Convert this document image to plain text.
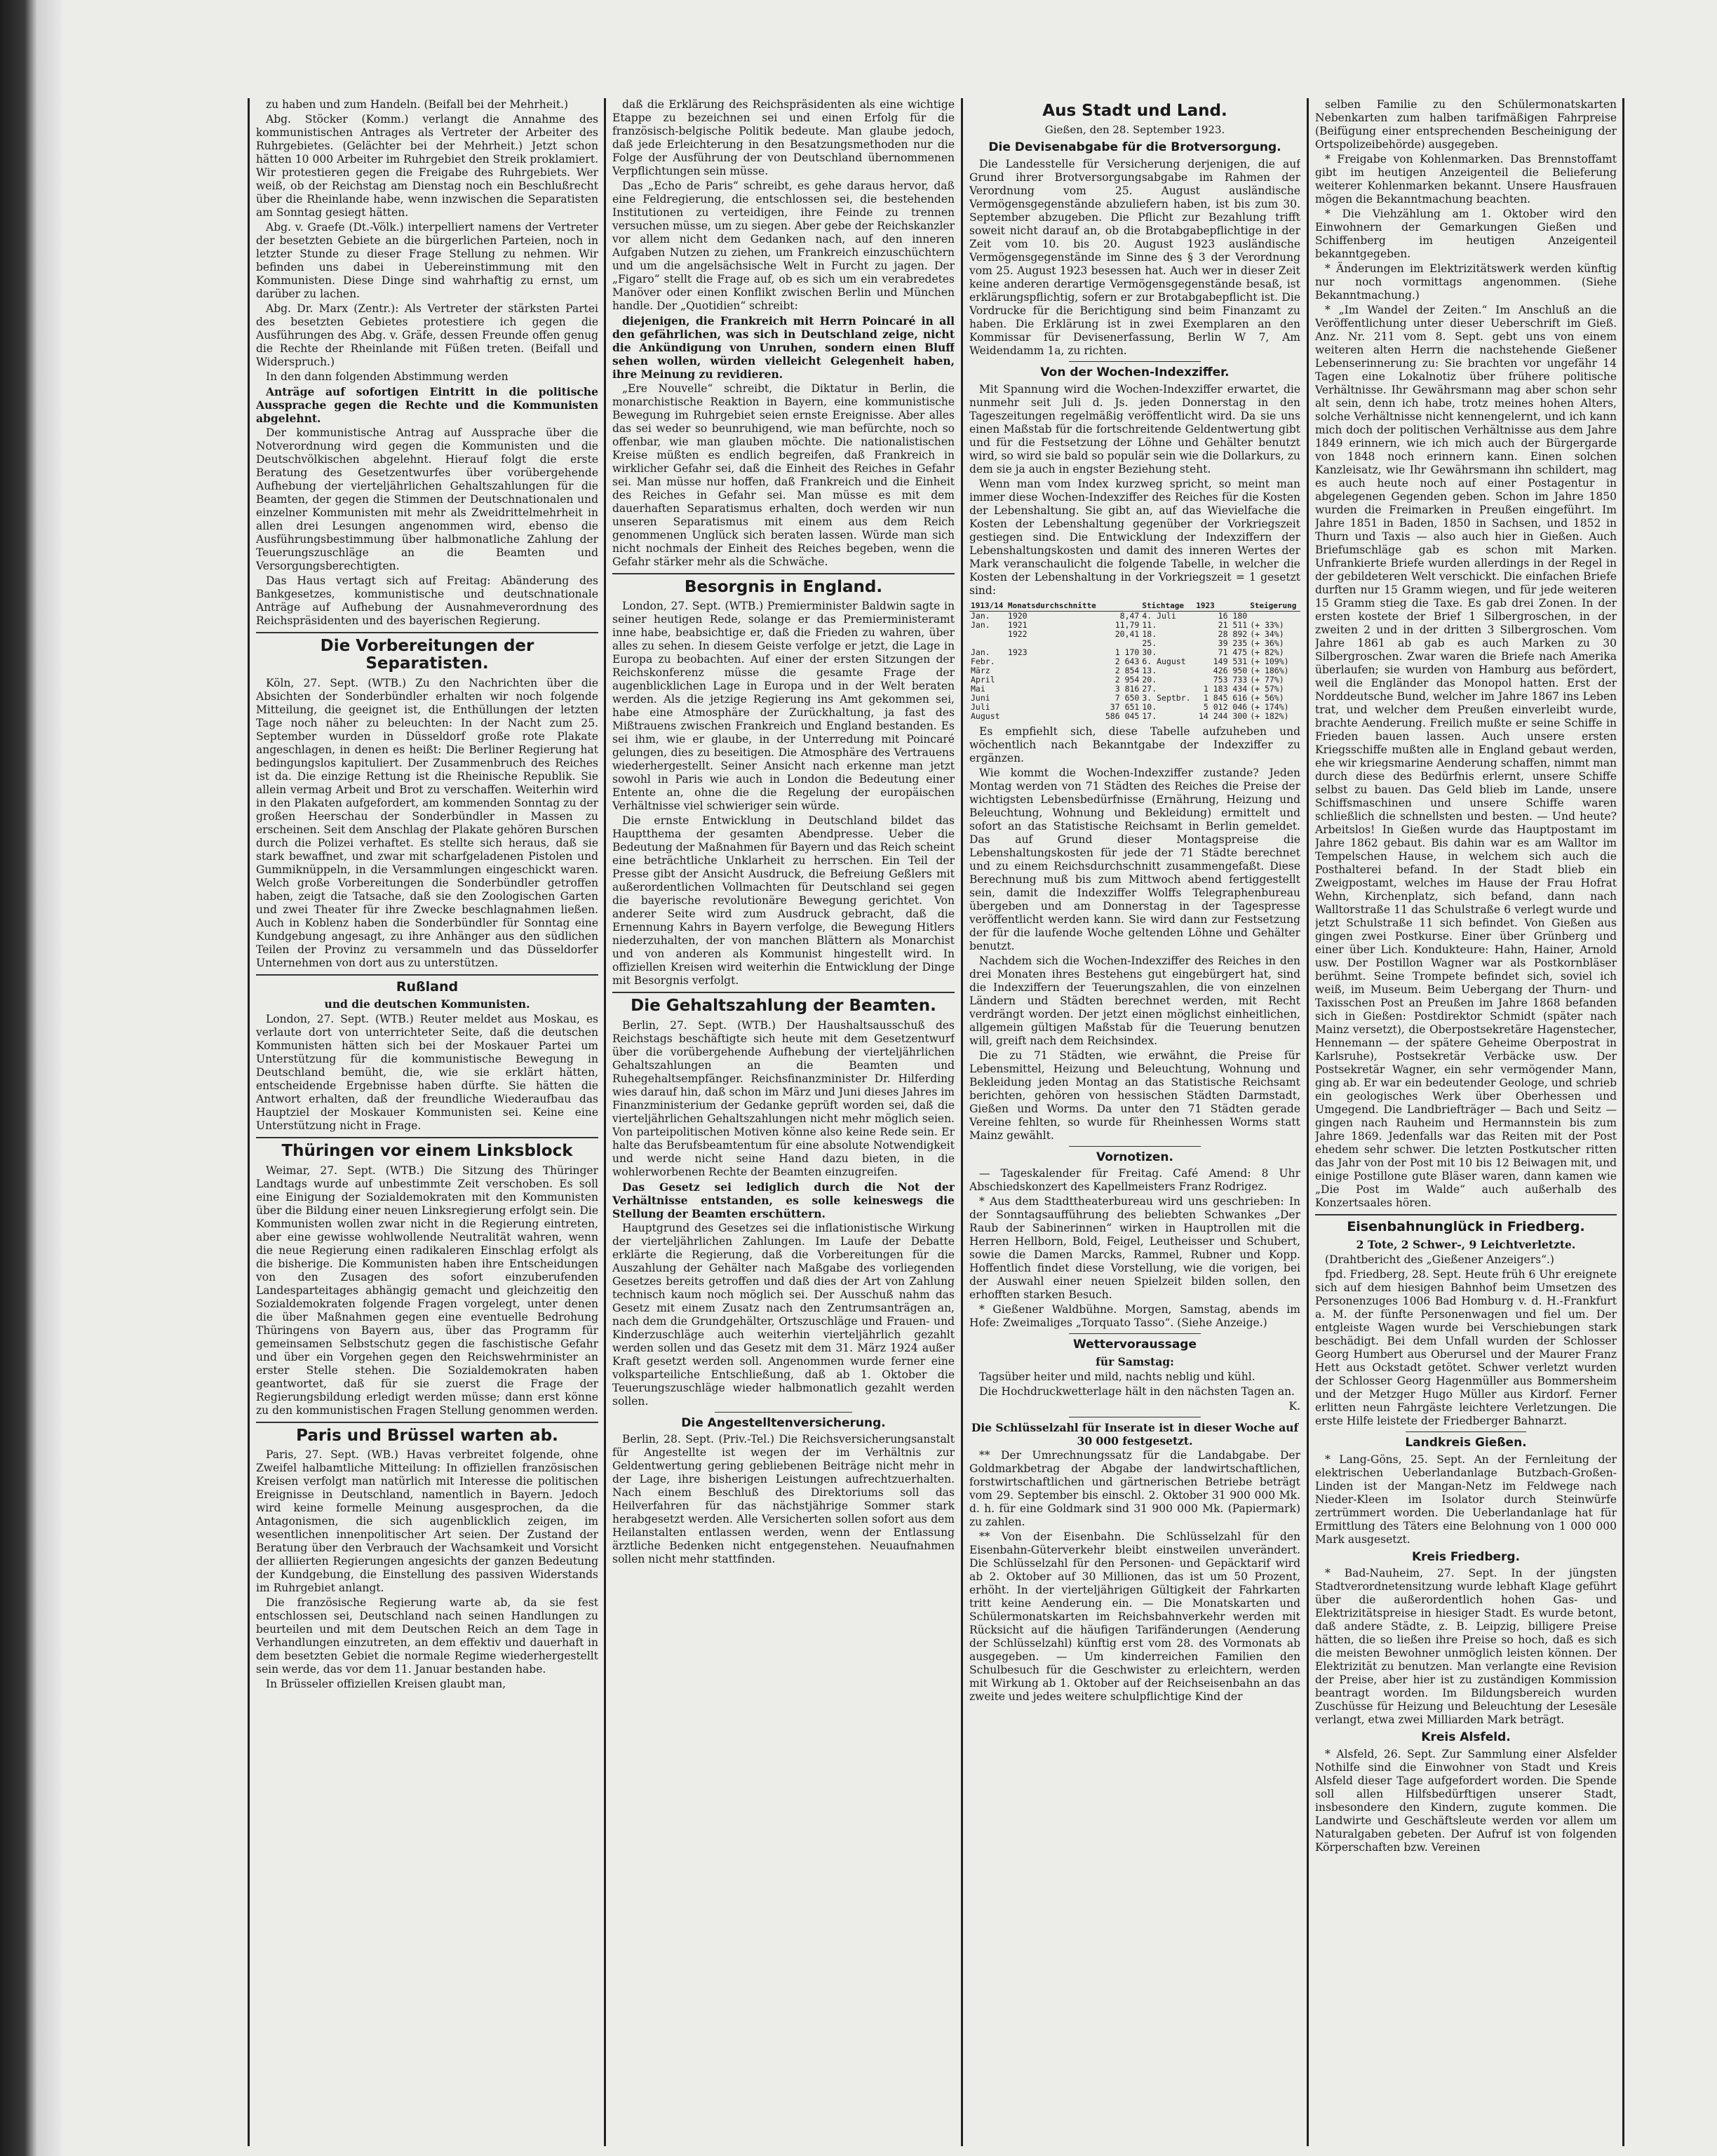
zu haben und zum Handeln. (Beifall bei der Mehrheit.)

Abg. Stöcker (Komm.) verlangt die Annahme des kommunistischen Antrages als Vertreter der Arbeiter des Ruhrgebietes. (Gelächter bei der Mehrheit.) Jetzt schon hätten 10 000 Arbeiter im Ruhrgebiet den Streik proklamiert. Wir protestieren gegen die Freigabe des Ruhrgebiets. Wer weiß, ob der Reichstag am Dienstag noch ein Beschlußrecht über die Rheinlande habe, wenn inzwischen die Separatisten am Sonntag gesiegt hätten.

Abg. v. Graefe (Dt.-Völk.) interpelliert namens der Vertreter der besetzten Gebiete an die bürgerlichen Parteien, noch in letzter Stunde zu dieser Frage Stellung zu nehmen. Wir befinden uns dabei in Uebereinstimmung mit den Kommunisten. Diese Dinge sind wahrhaftig zu ernst, um darüber zu lachen.

Abg. Dr. Marx (Zentr.): Als Vertreter der stärksten Partei des besetzten Gebietes protestiere ich gegen die Ausführungen des Abg. v. Gräfe, dessen Freunde offen genug die Rechte der Rheinlande mit Füßen treten. (Beifall und Widerspruch.)

In den dann folgenden Abstimmung werden

Anträge auf sofortigen Eintritt in die politische Aussprache gegen die Rechte und die Kommunisten abgelehnt.

Der kommunistische Antrag auf Aussprache über die Notverordnung wird gegen die Kommunisten und die Deutschvölkischen abgelehnt. Hierauf folgt die erste Beratung des Gesetzentwurfes über vorübergehende Aufhebung der vierteljährlichen Gehaltszahlungen für die Beamten, der gegen die Stimmen der Deutschnationalen und einzelner Kommunisten mit mehr als Zweidrittelmehrheit in allen drei Lesungen angenommen wird, ebenso die Ausführungsbestimmung über halbmonatliche Zahlung der Teuerungszuschläge an die Beamten und Versorgungsberechtigten.

Das Haus vertagt sich auf Freitag: Abänderung des Bankgesetzes, kommunistische und deutschnationale Anträge auf Aufhebung der Ausnahmeverordnung des Reichspräsidenten und des bayerischen Regierung.

Die Vorbereitungen der Separatisten.

Köln, 27. Sept. (WTB.) Zu den Nachrichten über die Absichten der Sonderbündler erhalten wir noch folgende Mitteilung, die geeignet ist, die Enthüllungen der letzten Tage noch näher zu beleuchten: In der Nacht zum 25. September wurden in Düsseldorf große rote Plakate angeschlagen, in denen es heißt: Die Berliner Regierung hat bedingungslos kapituliert. Der Zusammenbruch des Reiches ist da. Die einzige Rettung ist die Rheinische Republik. Sie allein vermag Arbeit und Brot zu verschaffen. Weiterhin wird in den Plakaten aufgefordert, am kommenden Sonntag zu der großen Heerschau der Sonderbündler in Massen zu erscheinen. Seit dem Anschlag der Plakate gehören Burschen durch die Polizei verhaftet. Es stellte sich heraus, daß sie stark bewaffnet, und zwar mit scharfgeladenen Pistolen und Gummiknüppeln, in die Versammlungen eingeschickt waren. Welch große Vorbereitungen die Sonderbündler getroffen haben, zeigt die Tatsache, daß sie den Zoologischen Garten und zwei Theater für ihre Zwecke beschlagnahmen ließen. Auch in Koblenz haben die Sonderbündler für Sonntag eine Kundgebung angesagt, zu ihre Anhänger aus den südlichen Teilen der Provinz zu versammeln und das Düsseldorfer Unternehmen von dort aus zu unterstützen.

Rußland
und die deutschen Kommunisten.

London, 27. Sept. (WTB.) Reuter meldet aus Moskau, es verlaute dort von unterrichteter Seite, daß die deutschen Kommunisten hätten sich bei der Moskauer Partei um Unterstützung für die kommunistische Bewegung in Deutschland bemüht, die, wie sie erklärt hätten, entscheidende Ergebnisse haben dürfte. Sie hätten die Antwort erhalten, daß der freundliche Wiederaufbau das Hauptziel der Moskauer Kommunisten sei. Keine eine Unterstützung nicht in Frage.

Thüringen vor einem Linksblock

Weimar, 27. Sept. (WTB.) Die Sitzung des Thüringer Landtags wurde auf unbestimmte Zeit verschoben. Es soll eine Einigung der Sozialdemokraten mit den Kommunisten über die Bildung einer neuen Linksregierung erfolgt sein. Die Kommunisten wollen zwar nicht in die Regierung eintreten, aber eine gewisse wohlwollende Neutralität wahren, wenn die neue Regierung einen radikaleren Einschlag erfolgt als die bisherige. Die Kommunisten haben ihre Entscheidungen von den Zusagen des sofort einzuberufenden Landesparteitages abhängig gemacht und gleichzeitig den Sozialdemokraten folgende Fragen vorgelegt, unter denen die über Maßnahmen gegen eine eventuelle Bedrohung Thüringens von Bayern aus, über das Programm für gemeinsamen Selbstschutz gegen die faschistische Gefahr und über ein Vorgehen gegen den Reichswehrminister an erster Stelle stehen. Die Sozialdemokraten haben geantwortet, daß für sie zuerst die Frage der Regierungsbildung erledigt werden müsse; dann erst könne zu den kommunistischen Fragen Stellung genommen werden.

Paris und Brüssel warten ab.

Paris, 27. Sept. (WB.) Havas verbreitet folgende, ohne Zweifel halbamtliche Mitteilung: In offiziellen französischen Kreisen verfolgt man natürlich mit Interesse die politischen Ereignisse in Deutschland, namentlich in Bayern. Jedoch wird keine formelle Meinung ausgesprochen, da die Antagonismen, die sich augenblicklich zeigen, im wesentlichen innenpolitischer Art seien. Der Zustand der Beratung über den Verbrauch der Wachsamkeit und Vorsicht der alliierten Regierungen angesichts der ganzen Bedeutung der Kundgebung, die Einstellung des passiven Widerstands im Ruhrgebiet anlangt.

Die französische Regierung warte ab, da sie fest entschlossen sei, Deutschland nach seinen Handlungen zu beurteilen und mit dem Deutschen Reich an dem Tage in Verhandlungen einzutreten, an dem effektiv und dauerhaft in dem besetzten Gebiet die normale Regime wiederhergestellt sein werde, das vor dem 11. Januar bestanden habe.

In Brüsseler offiziellen Kreisen glaubt man,

daß die Erklärung des Reichspräsidenten als eine wichtige Etappe zu bezeichnen sei und einen Erfolg für die französisch-belgische Politik bedeute. Man glaube jedoch, daß jede Erleichterung in den Besatzungsmethoden nur die Folge der Ausführung der von Deutschland übernommenen Verpflichtungen sein müsse.

Das „Echo de Paris“ schreibt, es gehe daraus hervor, daß eine Feldregierung, die entschlossen sei, die bestehenden Institutionen zu verteidigen, ihre Feinde zu trennen versuchen müsse, um zu siegen. Aber gebe der Reichskanzler vor allem nicht dem Gedanken nach, auf den inneren Aufgaben Nutzen zu ziehen, um Frankreich einzuschüchtern und um die angelsächsische Welt in Furcht zu jagen. Der „Figaro“ stellt die Frage auf, ob es sich um ein verabredetes Manöver oder einen Konflikt zwischen Berlin und München handle. Der „Quotidien“ schreibt:

diejenigen, die Frankreich mit Herrn Poincaré in all den gefährlichen, was sich in Deutschland zeige, nicht die Ankündigung von Unruhen, sondern einen Bluff sehen wollen, würden vielleicht Gelegenheit haben, ihre Meinung zu revidieren.

„Ere Nouvelle“ schreibt, die Diktatur in Berlin, die monarchistische Reaktion in Bayern, eine kommunistische Bewegung im Ruhrgebiet seien ernste Ereignisse. Aber alles das sei weder so beunruhigend, wie man befürchte, noch so offenbar, wie man glauben möchte. Die nationalistischen Kreise müßten es endlich begreifen, daß Frankreich in wirklicher Gefahr sei, daß die Einheit des Reiches in Gefahr sei. Man müsse nur hoffen, daß Frankreich und die Einheit des Reiches in Gefahr sei. Man müsse es mit dem dauerhaften Separatismus erhalten, doch werden wir nun unseren Separatismus mit einem aus dem Reich genommenen Unglück sich beraten lassen. Würde man sich nicht nochmals der Einheit des Reiches begeben, wenn die Gefahr stärker mehr als die Schwäche.

Besorgnis in England.

London, 27. Sept. (WTB.) Premierminister Baldwin sagte in seiner heutigen Rede, solange er das Premierministeramt inne habe, beabsichtige er, daß die Frieden zu wahren, über alles zu sehen. In diesem Geiste verfolge er jetzt, die Lage in Europa zu beobachten. Auf einer der ersten Sitzungen der Reichskonferenz müsse die gesamte Frage der augenblicklichen Lage in Europa und in der Welt beraten werden. Als die jetzige Regierung ins Amt gekommen sei, habe eine Atmosphäre der Zurückhaltung, ja fast des Mißtrauens zwischen Frankreich und England bestanden. Es sei ihm, wie er glaube, in der Unterredung mit Poincaré gelungen, dies zu beseitigen. Die Atmosphäre des Vertrauens wiederhergestellt. Seiner Ansicht nach erkenne man jetzt sowohl in Paris wie auch in London die Bedeutung einer Entente an, ohne die die Regelung der europäischen Verhältnisse viel schwieriger sein würde.

Die ernste Entwicklung in Deutschland bildet das Hauptthema der gesamten Abendpresse. Ueber die Bedeutung der Maßnahmen für Bayern und das Reich scheint eine beträchtliche Unklarheit zu herrschen. Ein Teil der Presse gibt der Ansicht Ausdruck, die Befreiung Geßlers mit außerordentlichen Vollmachten für Deutschland sei gegen die bayerische revolutionäre Bewegung gerichtet. Von anderer Seite wird zum Ausdruck gebracht, daß die Ernennung Kahrs in Bayern verfolge, die Bewegung Hitlers niederzuhalten, der von manchen Blättern als Monarchist und von anderen als Kommunist hingestellt wird. In offiziellen Kreisen wird weiterhin die Entwicklung der Dinge mit Besorgnis verfolgt.

Die Gehaltszahlung der Beamten.

Berlin, 27. Sept. (WTB.) Der Haushaltsausschuß des Reichstags beschäftigte sich heute mit dem Gesetzentwurf über die vorübergehende Aufhebung der vierteljährlichen Gehaltszahlungen an die Beamten und Ruhegehaltsempfänger. Reichsfinanzminister Dr. Hilferding wies darauf hin, daß schon im März und Juni dieses Jahres im Finanzministerium der Gedanke geprüft worden sei, daß die vierteljährlichen Gehaltszahlungen nicht mehr möglich seien. Von parteipolitischen Motiven könne also keine Rede sein. Er halte das Berufsbeamtentum für eine absolute Notwendigkeit und werde nicht seine Hand dazu bieten, in die wohlerworbenen Rechte der Beamten einzugreifen.

Das Gesetz sei lediglich durch die Not der Verhältnisse entstanden, es solle keineswegs die Stellung der Beamten erschüttern.

Hauptgrund des Gesetzes sei die inflationistische Wirkung der vierteljährlichen Zahlungen. Im Laufe der Debatte erklärte die Regierung, daß die Vorbereitungen für die Auszahlung der Gehälter nach Maßgabe des vorliegenden Gesetzes bereits getroffen und daß dies der Art von Zahlung technisch kaum noch möglich sei. Der Ausschuß nahm das Gesetz mit einem Zusatz nach den Zentrumsanträgen an, nach dem die Grundgehälter, Ortszuschläge und Frauen- und Kinderzuschläge auch weiterhin vierteljährlich gezahlt werden sollen und das Gesetz mit dem 31. März 1924 außer Kraft gesetzt werden soll. Angenommen wurde ferner eine volksparteiliche Entschließung, daß ab 1. Oktober die Teuerungszuschläge wieder halbmonatlich gezahlt werden sollen.

Die Angestelltenversicherung.

Berlin, 28. Sept. (Priv.-Tel.) Die Reichsversicherungsanstalt für Angestellte ist wegen der im Verhältnis zur Geldentwertung gering gebliebenen Beiträge nicht mehr in der Lage, ihre bisherigen Leistungen aufrechtzuerhalten. Nach einem Beschluß des Direktoriums soll das Heilverfahren für das nächstjährige Sommer stark herabgesetzt werden. Alle Versicherten sollen sofort aus dem Heilanstalten entlassen werden, wenn der Entlassung ärztliche Bedenken nicht entgegenstehen. Neuaufnahmen sollen nicht mehr stattfinden.

Aus Stadt und Land.
Gießen, den 28. September 1923.
Die Devisenabgabe für die Brotversorgung.

Die Landesstelle für Versicherung derjenigen, die auf Grund ihrer Brotversorgungsabgabe im Rahmen der Verordnung vom 25. August ausländische Vermögensgegenstände abzuliefern haben, ist bis zum 30. September abzugeben. Die Pflicht zur Bezahlung trifft soweit nicht darauf an, ob die Brotabgabepflichtige in der Zeit vom 10. bis 20. August 1923 ausländische Vermögensgegenstände im Sinne des § 3 der Verordnung vom 25. August 1923 besessen hat. Auch wer in dieser Zeit keine anderen derartige Vermögensgegenstände besaß, ist erklärungspflichtig, sofern er zur Brotabgabepflicht ist. Die Vordrucke für die Berichtigung sind beim Finanzamt zu haben. Die Erklärung ist in zwei Exemplaren an den Kommissar für Devisenerfassung, Berlin W 7, Am Weidendamm 1a, zu richten.

Von der Wochen-Indexziffer.

Mit Spannung wird die Wochen-Indexziffer erwartet, die nunmehr seit Juli d. Js. jeden Donnerstag in den Tageszeitungen regelmäßig veröffentlicht wird. Da sie uns einen Maßstab für die fortschreitende Geldentwertung gibt und für die Festsetzung der Löhne und Gehälter benutzt wird, so wird sie bald so populär sein wie die Dollarkurs, zu dem sie ja auch in engster Beziehung steht.

Wenn man vom Index kurzweg spricht, so meint man immer diese Wochen-Indexziffer des Reiches für die Kosten der Lebenshaltung. Sie gibt an, auf das Wievielfache die Kosten der Lebenshaltung gegenüber der Vorkriegszeit gestiegen sind. Die Entwicklung der Indexziffern der Lebenshaltungskosten und damit des inneren Wertes der Mark veranschaulicht die folgende Tabelle, in welcher die Kosten der Lebenshaltung in der Vorkriegszeit = 1 gesetzt sind:

1913/14	Monatsdurchschnitte		Stichtage	1923	Steigerung
Jan.	1920	8,47	4. Juli	16 180	
Jan.	1921	11,79	11.	21 511	(+ 33%)
	1922	20,41	18.	28 892	(+ 34%)
			25.	39 235	(+ 36%)
Jan.	1923	1 170	30.	71 475	(+ 82%)
Febr.		2 643	6. August	149 531	(+ 109%)
März		2 854	13.	426 950	(+ 186%)
April		2 954	20.	753 733	(+ 77%)
Mai		3 816	27.	1 183 434	(+ 57%)
Juni		7 650	3. Septbr.	1 845 616	(+ 56%)
Juli		37 651	10.	5 012 046	(+ 174%)
August		586 045	17.	14 244 300	(+ 182%)

Es empfiehlt sich, diese Tabelle aufzuheben und wöchentlich nach Bekanntgabe der Indexziffer zu ergänzen.

Wie kommt die Wochen-Indexziffer zustande? Jeden Montag werden von 71 Städten des Reiches die Preise der wichtigsten Lebensbedürfnisse (Ernährung, Heizung und Beleuchtung, Wohnung und Bekleidung) ermittelt und sofort an das Statistische Reichsamt in Berlin gemeldet. Das auf Grund dieser Montagspreise die Lebenshaltungskosten für jede der 71 Städte berechnet und zu einem Reichsdurchschnitt zusammengefaßt. Diese Berechnung muß bis zum Mittwoch abend fertiggestellt sein, damit die Indexziffer Wolffs Telegraphenbureau übergeben und am Donnerstag in der Tagespresse veröffentlicht werden kann. Sie wird dann zur Festsetzung der für die laufende Woche geltenden Löhne und Gehälter benutzt.

Nachdem sich die Wochen-Indexziffer des Reiches in den drei Monaten ihres Bestehens gut eingebürgert hat, sind die Indexziffern der Teuerungszahlen, die von einzelnen Ländern und Städten berechnet werden, mit Recht verdrängt worden. Der jetzt einen möglichst einheitlichen, allgemein gültigen Maßstab für die Teuerung benutzen will, greift nach dem Reichsindex.

Die zu 71 Städten, wie erwähnt, die Preise für Lebensmittel, Heizung und Beleuchtung, Wohnung und Bekleidung jeden Montag an das Statistische Reichsamt berichten, gehören von hessischen Städten Darmstadt, Gießen und Worms. Da unter den 71 Städten gerade Vereine fehlten, so wurde für Rheinhessen Worms statt Mainz gewählt.

Vornotizen.

— Tageskalender für Freitag. Café Amend: 8 Uhr Abschiedskonzert des Kapellmeisters Franz Rodrigez.

* Aus dem Stadttheaterbureau wird uns geschrieben: In der Sonntagsaufführung des beliebten Schwankes „Der Raub der Sabinerinnen“ wirken in Hauptrollen mit die Herren Hellborn, Bold, Feigel, Leutheisser und Schubert, sowie die Damen Marcks, Rammel, Rubner und Kopp. Hoffentlich findet diese Vorstellung, wie die vorigen, bei der Auswahl einer neuen Spielzeit bilden sollen, den erhofften starken Besuch.

* Gießener Waldbühne. Morgen, Samstag, abends im Hofe: Zweimaliges „Torquato Tasso“. (Siehe Anzeige.)

Wettervoraussage
für Samstag:

Tagsüber heiter und mild, nachts neblig und kühl.

Die Hochdruckwetterlage hält in den nächsten Tagen an.

K.

Die Schlüsselzahl für Inserate ist in dieser Woche auf 30 000 festgesetzt.

** Der Umrechnungssatz für die Landabgabe. Der Goldmarkbetrag der Abgabe der landwirtschaftlichen, forstwirtschaftlichen und gärtnerischen Betriebe beträgt vom 29. September bis einschl. 2. Oktober 31 900 000 Mk. d. h. für eine Goldmark sind 31 900 000 Mk. (Papiermark) zu zahlen.

** Von der Eisenbahn. Die Schlüsselzahl für den Eisenbahn-Güterverkehr bleibt einstweilen unverändert. Die Schlüsselzahl für den Personen- und Gepäcktarif wird ab 2. Oktober auf 30 Millionen, das ist um 50 Prozent, erhöht. In der vierteljährigen Gültigkeit der Fahrkarten tritt keine Aenderung ein. — Die Monatskarten und Schülermonatskarten im Reichsbahnverkehr werden mit Rücksicht auf die häufigen Tarifänderungen (Aenderung der Schlüsselzahl) künftig erst vom 28. des Vormonats ab ausgegeben. — Um kinderreichen Familien den Schulbesuch für die Geschwister zu erleichtern, werden mit Wirkung ab 1. Oktober auf der Reichseisenbahn an das zweite und jedes weitere schulpflichtige Kind der

selben Familie zu den Schülermonatskarten Nebenkarten zum halben tarifmäßigen Fahrpreise (Beifügung einer entsprechenden Bescheinigung der Ortspolizeibehörde) ausgegeben.

* Freigabe von Kohlenmarken. Das Brennstoffamt gibt im heutigen Anzeigenteil die Belieferung weiterer Kohlenmarken bekannt. Unsere Hausfrauen mögen die Bekanntmachung beachten.

* Die Viehzählung am 1. Oktober wird den Einwohnern der Gemarkungen Gießen und Schiffenberg im heutigen Anzeigenteil bekanntgegeben.

* Änderungen im Elektrizitätswerk werden künftig nur noch vormittags angenommen. (Siehe Bekanntmachung.)

* „Im Wandel der Zeiten.“ Im Anschluß an die Veröffentlichung unter dieser Ueberschrift im Gieß. Anz. Nr. 211 vom 8. Sept. gebt uns von einem weiteren alten Herrn die nachstehende Gießener Lebenserinnerung zu: Sie brachten vor ungefähr 14 Tagen eine Lokalnotiz über frühere politische Verhältnisse. Ihr Gewährsmann mag aber schon sehr alt sein, denn ich habe, trotz meines hohen Alters, solche Verhältnisse nicht kennengelernt, und ich kann mich doch der politischen Verhältnisse aus dem Jahre 1849 erinnern, wie ich mich auch der Bürgergarde von 1848 noch erinnern kann. Einen solchen Kanzleisatz, wie Ihr Gewährsmann ihn schildert, mag es auch heute noch auf einer Postagentur in abgelegenen Gegenden geben. Schon im Jahre 1850 wurden die Freimarken in Preußen eingeführt. Im Jahre 1851 in Baden, 1850 in Sachsen, und 1852 in Thurn und Taxis — also auch hier in Gießen. Auch Briefumschläge gab es schon mit Marken. Unfrankierte Briefe wurden allerdings in der Regel in der gebildeteren Welt verschickt. Die einfachen Briefe durften nur 15 Gramm wiegen, und für jede weiteren 15 Gramm stieg die Taxe. Es gab drei Zonen. In der ersten kostete der Brief 1 Silbergroschen, in der zweiten 2 und in der dritten 3 Silbergroschen. Vom Jahre 1861 ab gab es auch Marken zu 30 Silbergroschen. Zwar waren die Briefe nach Amerika überlaufen; sie wurden von Hamburg aus befördert, weil die Engländer das Monopol hatten. Erst der Norddeutsche Bund, welcher im Jahre 1867 ins Leben trat, und welcher dem Preußen einverleibt wurde, brachte Aenderung. Freilich mußte er seine Schiffe in Frieden bauen lassen. Auch unsere ersten Kriegsschiffe mußten alle in England gebaut werden, ehe wir kriegsmarine Aenderung schaffen, nimmt man durch diese des Bedürfnis erlernt, unsere Schiffe selbst zu bauen. Das Geld blieb im Lande, unsere Schiffsmaschinen und unsere Schiffe waren schließlich die schnellsten und besten. — Und heute? Arbeitslos! In Gießen wurde das Hauptpostamt im Jahre 1862 gebaut. Bis dahin war es am Walltor im Tempelschen Hause, in welchem sich auch die Posthalterei befand. In der Stadt blieb ein Zweigpostamt, welches im Hause der Frau Hofrat Wehn, Kirchenplatz, sich befand, dann nach Walltorstraße 11 das Schulstraße 6 verlegt wurde und jetzt Schulstraße 11 sich befindet. Von Gießen aus gingen zwei Postkurse. Einer über Grünberg und einer über Lich. Kondukteure: Hahn, Hainer, Arnold usw. Der Postillon Wagner war als Postkornbläser berühmt. Seine Trompete befindet sich, soviel ich weiß, im Museum. Beim Uebergang der Thurn- und Taxisschen Post an Preußen im Jahre 1868 befanden sich in Gießen: Postdirektor Schmidt (später nach Mainz versetzt), die Oberpostsekretäre Hagenstecher, Hennemann — der spätere Geheime Oberpostrat in Karlsruhe), Postsekretär Verbäcke usw. Der Postsekretär Wagner, ein sehr vermögender Mann, ging ab. Er war ein bedeutender Geologe, und schrieb ein geologisches Werk über Oberhessen und Umgegend. Die Landbriefträger — Bach und Seitz — gingen nach Rauheim und Hermannstein bis zum Jahre 1869. Jedenfalls war das Reiten mit der Post ehedem sehr schwer. Die letzten Postkutscher ritten das Jahr von der Post mit 10 bis 12 Beiwagen mit, und einige Postillone gute Bläser waren, dann kamen wie „Die Post im Walde“ auch außerhalb des Konzertsaales hören.

Eisenbahnunglück in Friedberg.
2 Tote, 2 Schwer-, 9 Leichtverletzte.

(Drahtbericht des „Gießener Anzeigers“.)

fpd. Friedberg, 28. Sept. Heute früh 6 Uhr ereignete sich auf dem hiesigen Bahnhof beim Umsetzen des Personenzuges 1006 Bad Homburg v. d. H.-Frankfurt a. M. der fünfte Personenwagen und fiel um. Der entgleiste Wagen wurde bei Verschiebungen stark beschädigt. Bei dem Unfall wurden der Schlosser Georg Humbert aus Oberursel und der Maurer Franz Hett aus Ockstadt getötet. Schwer verletzt wurden der Schlosser Georg Hagenmüller aus Bommersheim und der Metzger Hugo Müller aus Kirdorf. Ferner erlitten neun Fahrgäste leichtere Verletzungen. Die erste Hilfe leistete der Friedberger Bahnarzt.

Landkreis Gießen.

* Lang-Göns, 25. Sept. An der Fernleitung der elektrischen Ueberlandanlage Butzbach-Großen-Linden ist der Mangan-Netz im Feldwege nach Nieder-Kleen im Isolator durch Steinwürfe zertrümmert worden. Die Ueberlandanlage hat für Ermittlung des Täters eine Belohnung von 1 000 000 Mark ausgesetzt.

Kreis Friedberg.

* Bad-Nauheim, 27. Sept. In der jüngsten Stadtverordnetensitzung wurde lebhaft Klage geführt über die außerordentlich hohen Gas- und Elektrizitätspreise in hiesiger Stadt. Es wurde betont, daß andere Städte, z. B. Leipzig, billigere Preise hätten, die so ließen ihre Preise so hoch, daß es sich die meisten Bewohner unmöglich leisten können. Der Elektrizität zu benutzen. Man verlangte eine Revision der Preise, aber hier ist zu zuständigen Kommission beantragt worden. Im Bildungsbereich wurden Zuschüsse für Heizung und Beleuchtung der Lesesäle verlangt, etwa zwei Milliarden Mark beträgt.

Kreis Alsfeld.

* Alsfeld, 26. Sept. Zur Sammlung einer Alsfelder Nothilfe sind die Einwohner von Stadt und Kreis Alsfeld dieser Tage aufgefordert worden. Die Spende soll allen Hilfsbedürftigen unserer Stadt, insbesondere den Kindern, zugute kommen. Die Landwirte und Geschäftsleute werden vor allem um Naturalgaben gebeten. Der Aufruf ist von folgenden Körperschaften bzw. Vereinen
